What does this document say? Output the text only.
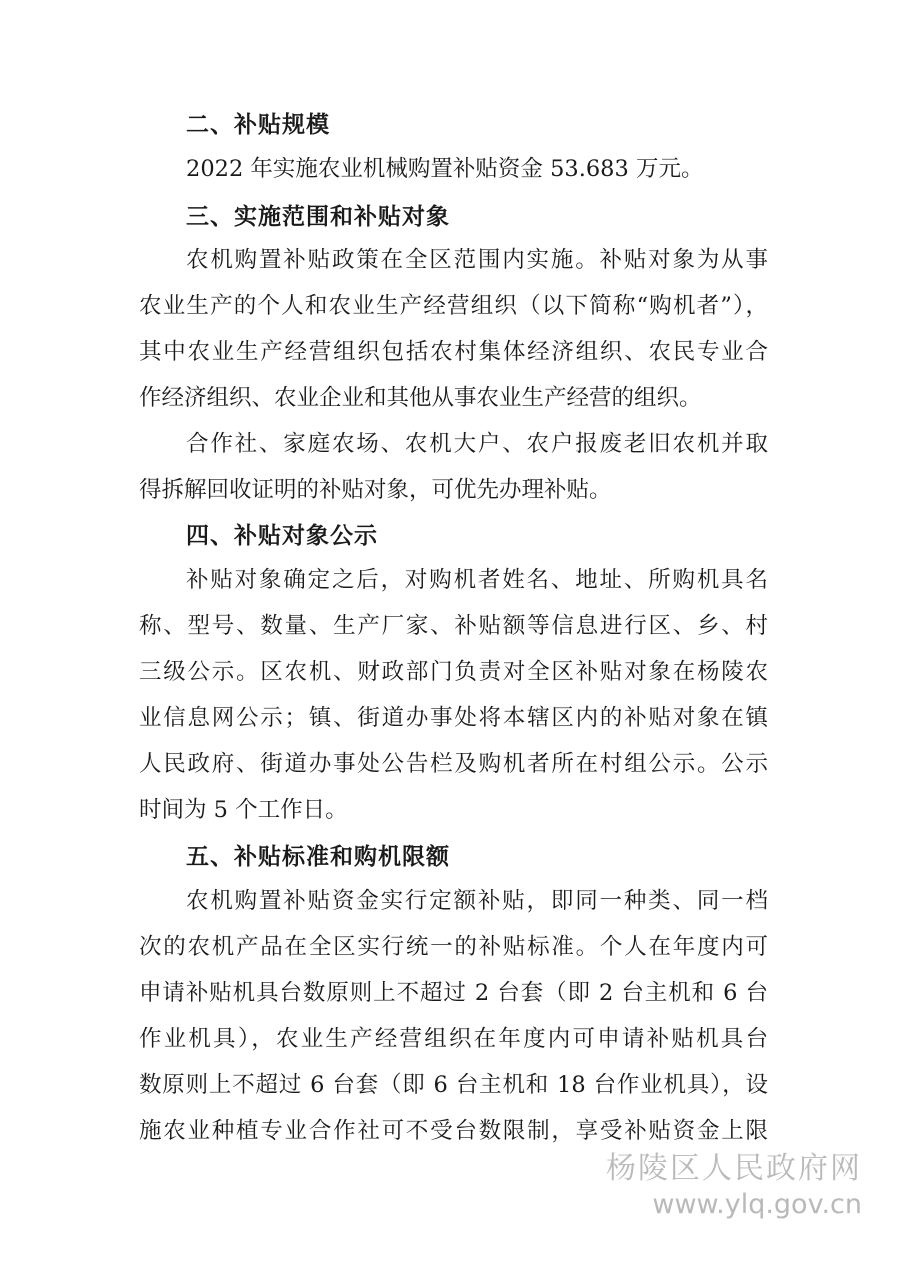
二、补贴规模
2022 年实施农业机械购置补贴资金 53.683 万元。
三、实施范围和补贴对象
农机购置补贴政策在全区范围内实施。补贴对象为从事
农业生产的个人和农业生产经营组织（以下简称“购机者”），
其中农业生产经营组织包括农村集体经济组织、农民专业合
作经济组织、农业企业和其他从事农业生产经营的组织。
合作社、家庭农场、农机大户、农户报废老旧农机并取
得拆解回收证明的补贴对象，可优先办理补贴。
四、补贴对象公示
补贴对象确定之后，对购机者姓名、地址、所购机具名
称、型号、数量、生产厂家、补贴额等信息进行区、乡、村
三级公示。区农机、财政部门负责对全区补贴对象在杨陵农
业信息网公示；镇、街道办事处将本辖区内的补贴对象在镇
人民政府、街道办事处公告栏及购机者所在村组公示。公示
时间为 5 个工作日。
五、补贴标准和购机限额
农机购置补贴资金实行定额补贴，即同一种类、同一档
次的农机产品在全区实行统一的补贴标准。个人在年度内可
申请补贴机具台数原则上不超过 2 台套（即 2 台主机和 6 台
作业机具），农业生产经营组织在年度内可申请补贴机具台
数原则上不超过 6 台套（即 6 台主机和 18 台作业机具），设
施农业种植专业合作社可不受台数限制，享受补贴资金上限
杨陵区人民政府网
www.ylq.gov.cn
